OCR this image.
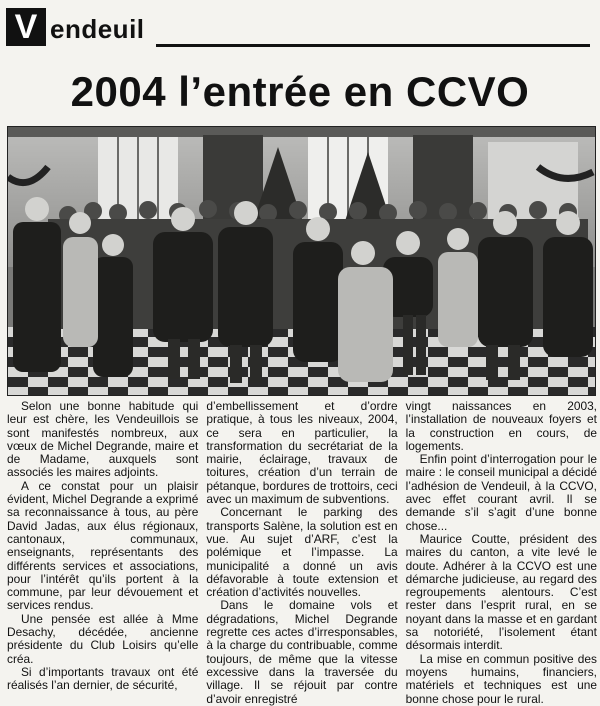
V endeuil
2004 l’entrée en CCVO

Selon une bonne habitude qui leur est chère, les Vendeuillois se sont manifestés nombreux, aux vœux de Michel Degrande, maire et de Madame, auxquels sont associés les maires adjoints.

A ce constat pour un plaisir évident, Michel Degrande a exprimé sa reconnaissance à tous, au père David Jadas, aux élus régionaux, cantonaux, communaux, enseignants, représentants des différents services et associations, pour l’intérêt qu’ils portent à la commune, par leur dévouement et services rendus.

Une pensée est allée à Mme Desachy, décédée, ancienne présidente du Club Loisirs qu’elle créa.

Si d’importants travaux ont été réalisés l’an dernier, de sécurité,

d’embellissement et d’ordre pratique, à tous les niveaux, 2004, ce sera en particulier, la transformation du secrétariat de la mairie, éclairage, travaux de toitures, création d’un terrain de pétanque, bordures de trottoirs, ceci avec un maximum de subventions.

Concernant le parking des transports Salène, la solution est en vue. Au sujet d’ARF, c’est la polémique et l’impasse. La municipalité a donné un avis défavorable à toute extension et création d’activités nouvelles.

Dans le domaine vols et dégradations, Michel Degrande regrette ces actes d’irresponsables, à la charge du contribuable, comme toujours, de même que la vitesse excessive dans la traversée du village. Il se réjouit par contre d’avoir enregistré

vingt naissances en 2003, l’installation de nouveaux foyers et la construction en cours, de logements.

Enfin point d’interrogation pour le maire : le conseil municipal a décidé l’adhésion de Vendeuil, à la CCVO, avec effet courant avril. Il se demande s’il s’agit d’une bonne chose...

Maurice Coutte, président des maires du canton, a vite levé le doute. Adhérer à la CCVO est une démarche judicieuse, au regard des regroupements alentours. C’est rester dans l’esprit rural, en se noyant dans la masse et en gardant sa notoriété, l’isolement étant désormais interdit.

La mise en commun positive des moyens humains, financiers, matériels et techniques est une bonne chose pour le rural.
